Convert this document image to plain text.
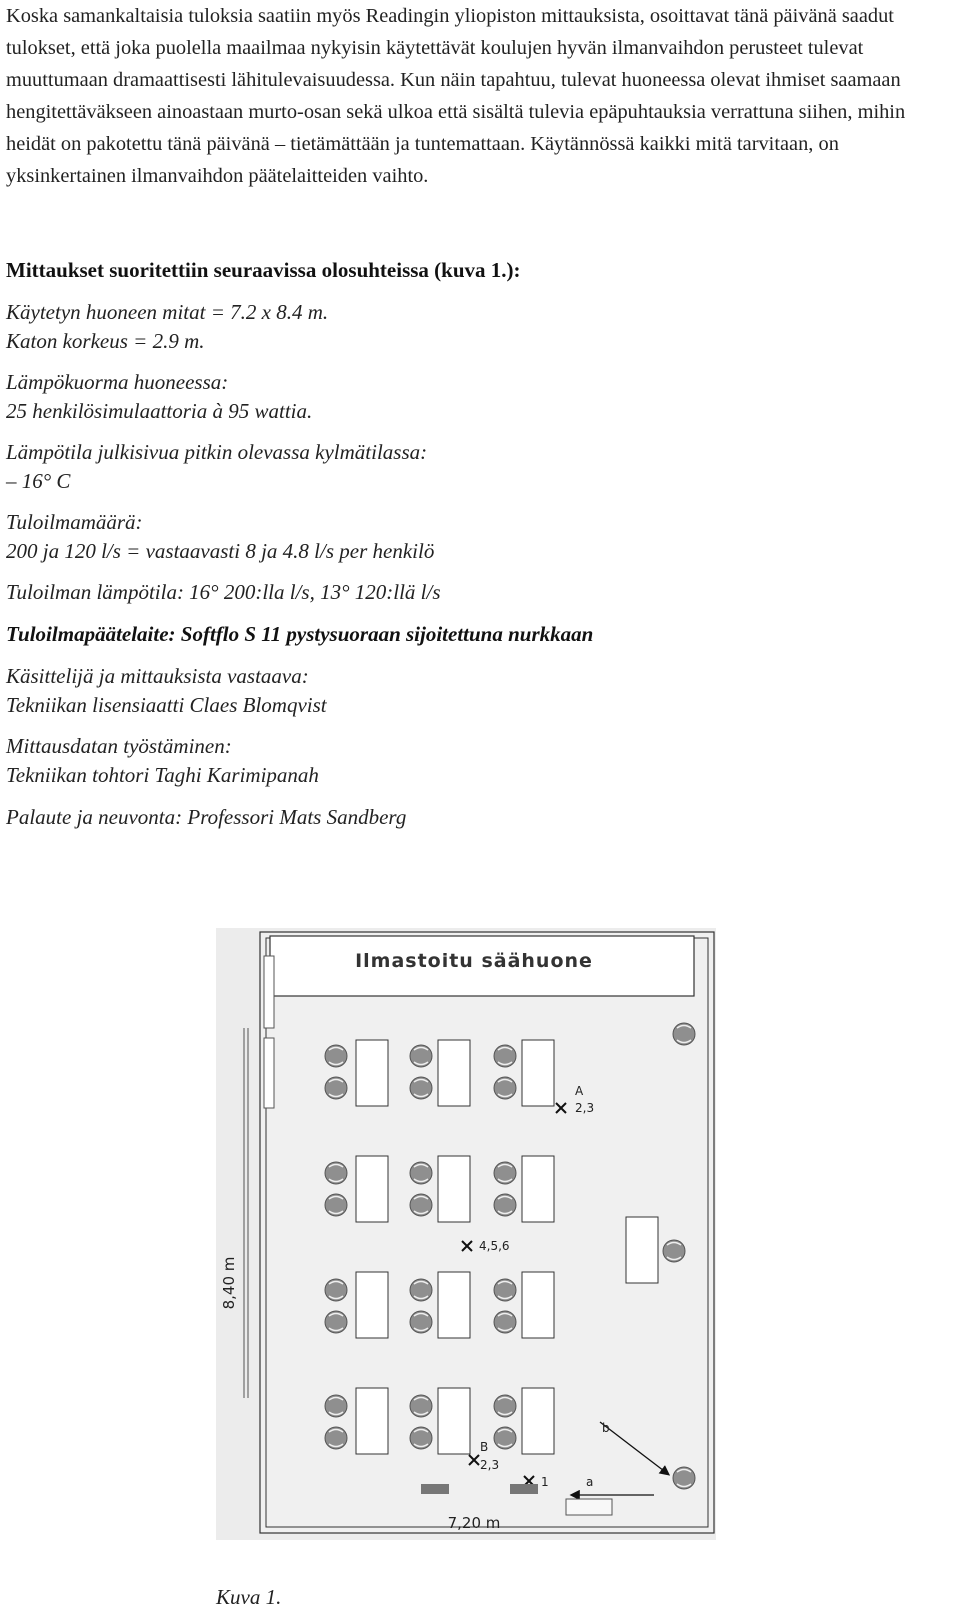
Koska samankaltaisia tuloksia saatiin myös Readingin yliopiston mittauksista, osoittavat tänä päivänä saadut tulokset, että joka puolella maailmaa nykyisin käytettävät koulujen hyvän ilmanvaihdon perusteet tulevat muuttumaan dramaattisesti lähitulevaisuudessa. Kun näin tapahtuu, tulevat huoneessa olevat ihmiset saamaan hengitettäväkseen ainoastaan murto-osan sekä ulkoa että sisältä tulevia epäpuhtauksia verrattuna siihen, mihin heidät on pakotettu tänä päivänä – tietämättään ja tuntemattaan. Käytännössä kaikki mitä tarvitaan, on yksinkertainen ilmanvaihdon päätelaitteiden vaihto.

Mittaukset suoritettiin seuraavissa olosuhteissa (kuva 1.):

Käytetyn huoneen mitat = 7.2 x 8.4 m.
Katon korkeus = 2.9 m.
Lämpökuorma huoneessa:
25 henkilösimulaattoria à 95 wattia.
Lämpötila julkisivua pitkin olevassa kylmätilassa:
– 16° C
Tuloilmamäärä:
200 ja 120 l/s = vastaavasti 8 ja 4.8 l/s per henkilö
Tuloilman lämpötila: 16° 200:lla l/s, 13° 120:llä l/s
Tuloilmapäätelaite: Softflo S 11 pystysuoraan sijoitettuna nurkkaan
Käsittelijä ja mittauksista vastaava:
Tekniikan lisensiaatti Claes Blomqvist
Mittausdatan työstäminen:
Tekniikan tohtori Taghi Karimipanah
Palaute ja neuvonta: Professori Mats Sandberg
Ilmastoitu säähuone
8,40 m
A
2,3
4,5,6
B
2,3
1	a
b
7,20 m

Kuva 1.
